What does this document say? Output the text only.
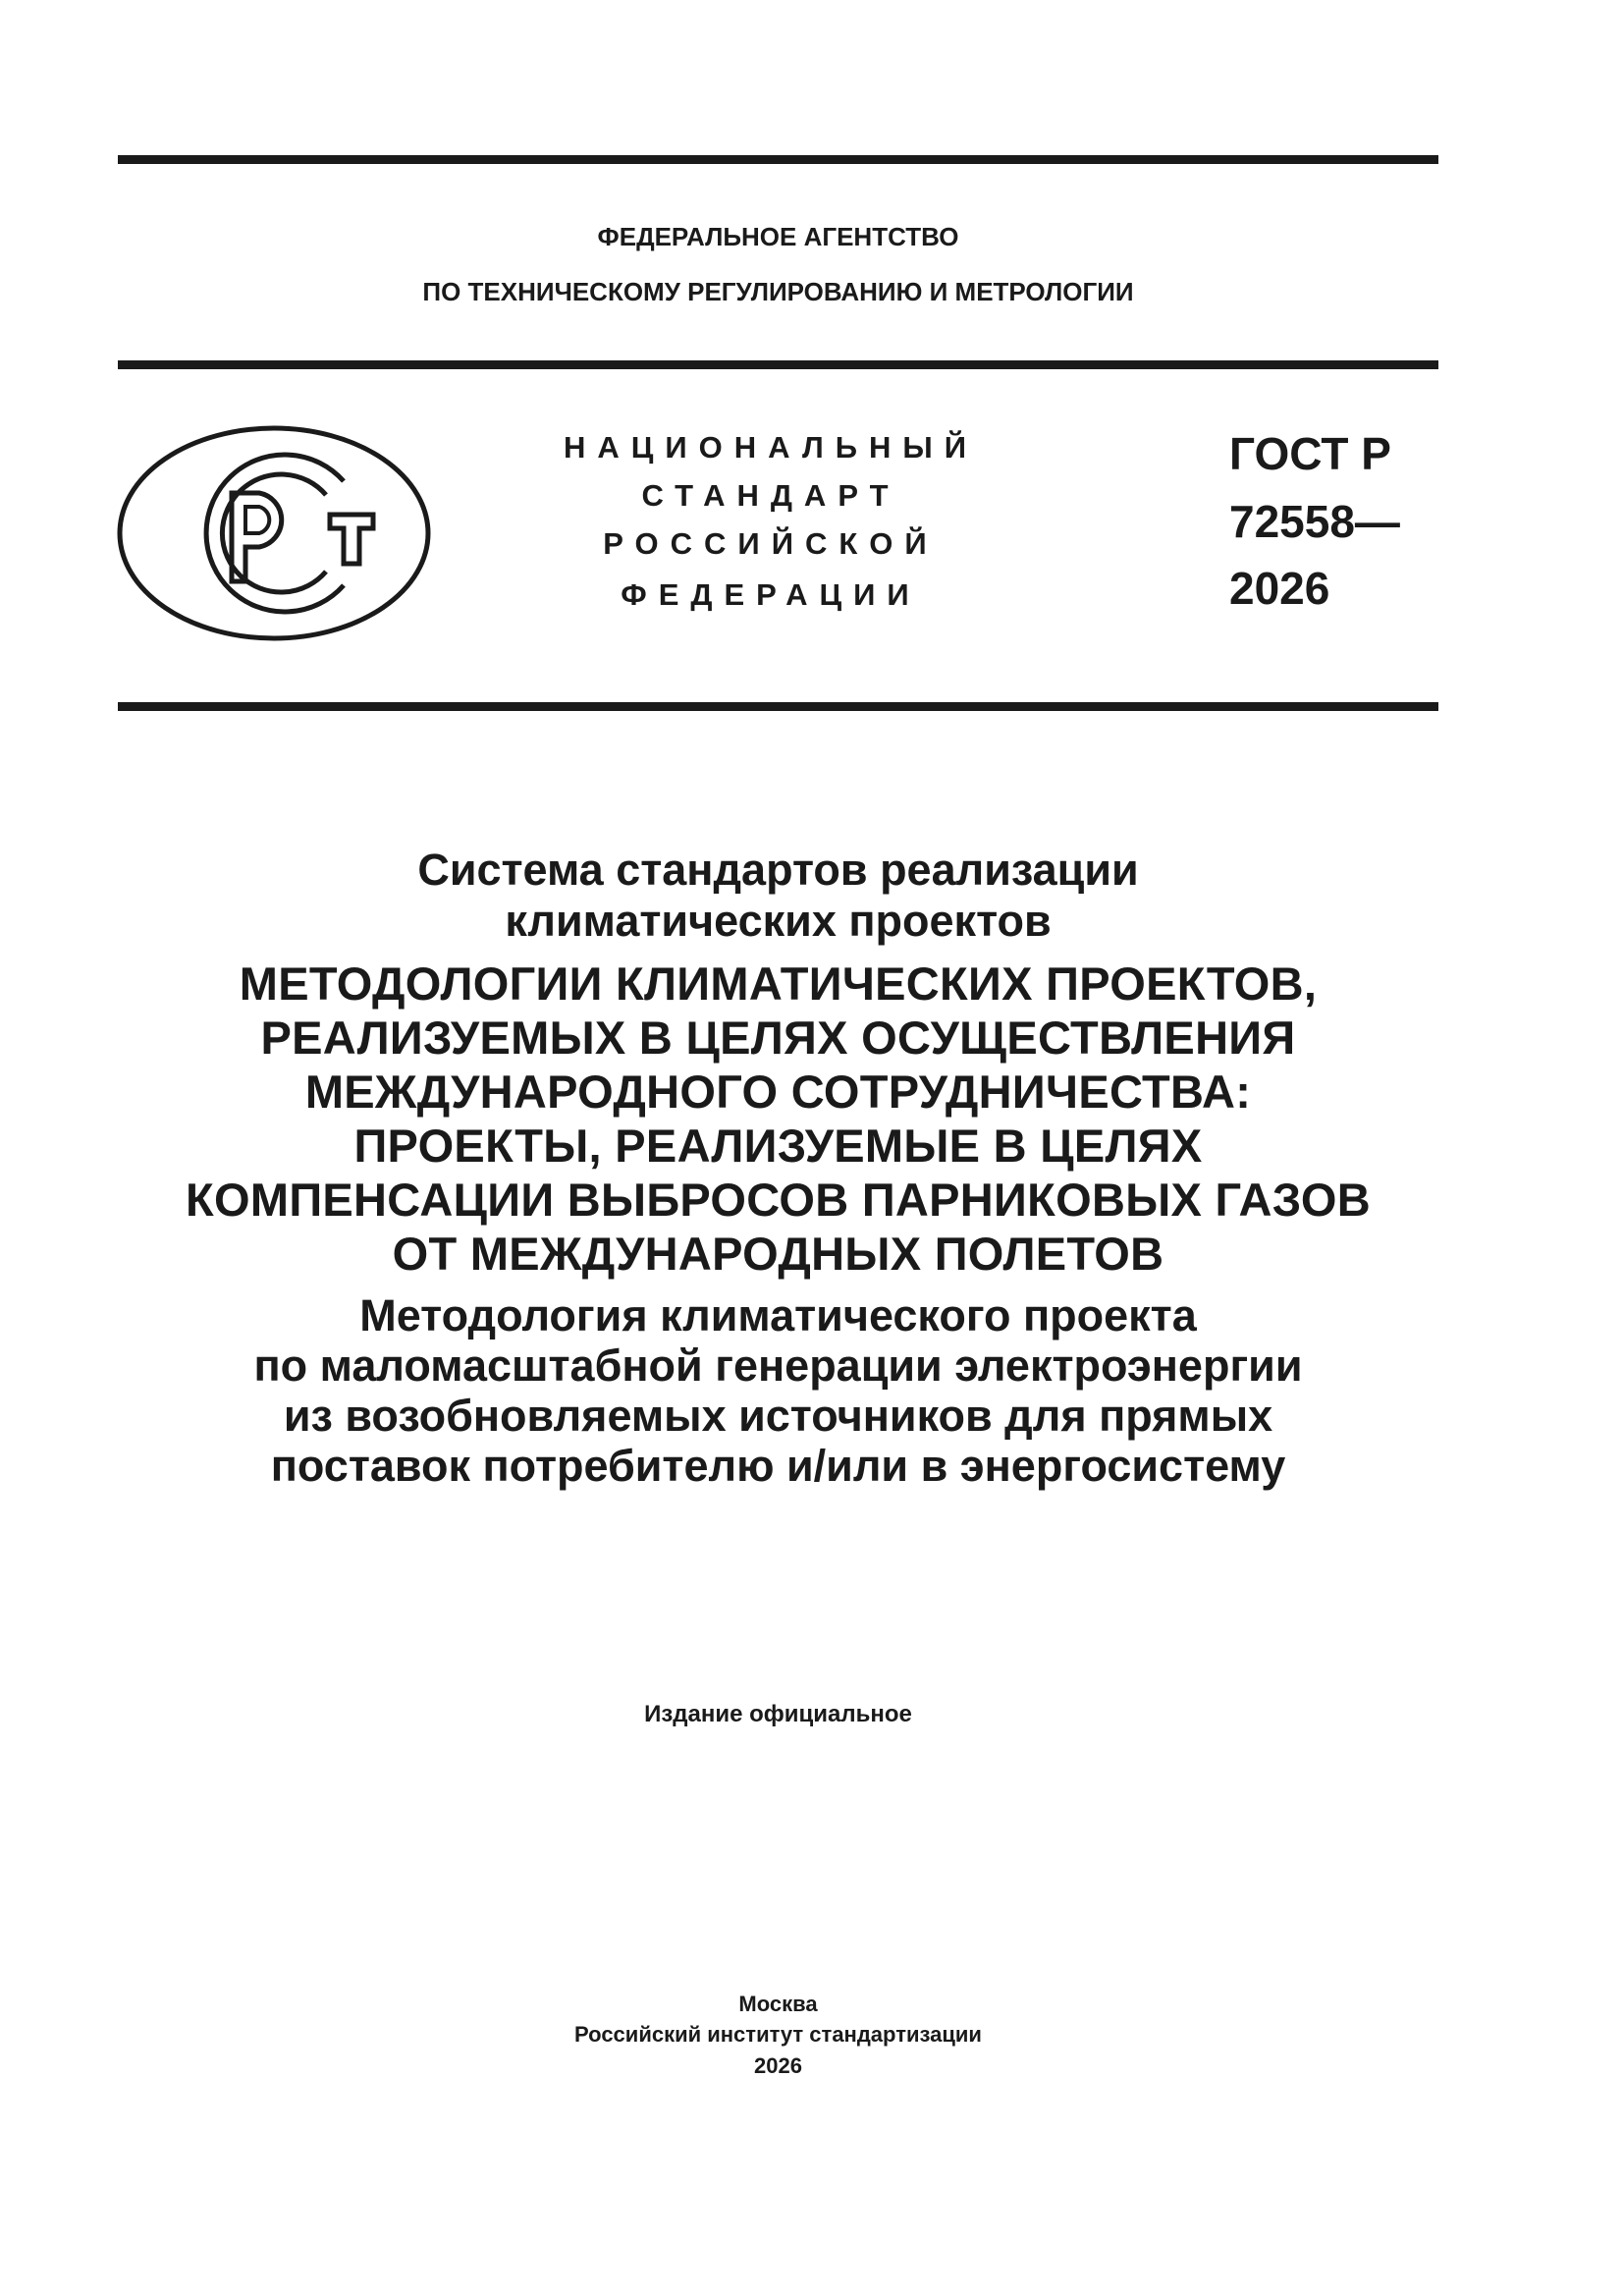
ФЕДЕРАЛЬНОЕ АГЕНТСТВО
ПО ТЕХНИЧЕСКОМУ РЕГУЛИРОВАНИЮ И МЕТРОЛОГИИ
НАЦИОНАЛЬНЫЙ
СТАНДАРТ
РОССИЙСКОЙ
ФЕДЕРАЦИИ
ГОСТ Р
72558—
2026
Система стандартов реализации
климатических проектов
МЕТОДОЛОГИИ КЛИМАТИЧЕСКИХ ПРОЕКТОВ,
РЕАЛИЗУЕМЫХ В ЦЕЛЯХ ОСУЩЕСТВЛЕНИЯ
МЕЖДУНАРОДНОГО СОТРУДНИЧЕСТВА:
ПРОЕКТЫ, РЕАЛИЗУЕМЫЕ В ЦЕЛЯХ
КОМПЕНСАЦИИ ВЫБРОСОВ ПАРНИКОВЫХ ГАЗОВ
ОТ МЕЖДУНАРОДНЫХ ПОЛЕТОВ
Методология климатического проекта
по маломасштабной генерации электроэнергии
из возобновляемых источников для прямых
поставок потребителю и/или в энергосистему
Издание официальное
Москва
Российский институт стандартизации
2026
